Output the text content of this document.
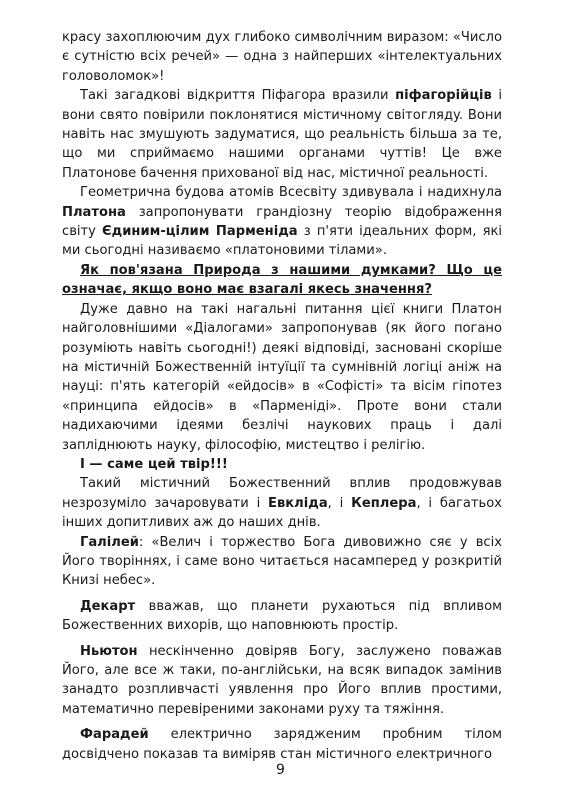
красу захоплюючим дух глибоко символічним виразом: «Число є сутністю всіх речей» — одна з найперших «інтелектуальних головоломок»!

Такі загадкові відкриття Піфагора вразили піфагорійців і вони свято повірили поклонятися містичному світоглядy. Вони навіть нас змушують задуматися, що реальність більша за те, що ми сприймаємо нашими органами чуттів! Це вже Платонове бачення прихованої від нас, містичної реальності.

Геометрична будова атомів Всесвіту здивувала і надихнула Платона запропонувати грандіозну теорію відображення світу Єдиним-цілим Парменіда з п'яти ідеальних форм, які ми сьогодні називаємо «платоновими тілами».

Як пов'язана Природа з нашими думками? Що це означає, якщо воно має взагалі якесь значення?

Дуже давно на такі нагальні питання цієї книги Платон найголовнішими «Діалогами» запропонував (як його погано розуміють навіть сьогодні!) деякі відповіді, засновані скоріше на містичній Божественній інтуїції та сумнівній логіці аніж на науці: п'ять категорій «ейдосів» в «Софісті» та вісім гіпотез «принципа ейдосів» в «Парменіді». Проте вони стали надихаючими ідеями безлічі наукових праць і далі запліднюють науку, філософію, мистецтво і релігію.

І — саме цей твір!!!

Такий містичний Божественний вплив продовжував незрозуміло зачаровувати і Евкліда, і Кеплера, і багатьох інших допитливих аж до наших днів.

Галілей: «Велич і торжество Бога дивовижно сяє у всіх Його творіннях, і саме воно читається насамперед у розкритій Книзі небес».

Декарт вважав, що планети рухаються під впливом Божественних вихорів, що наповнюють простір.

Ньютон нескінченно довіряв Богу, заслужено поважав Його, але все ж таки, по-англійськи, на всяк випадок замінив занадто розпливчасті уявлення про Його вплив простими, математично перевіреними законами руху та тяжіння.

Фарадей електрично зарядженим пробним тілом досвідчено показав та виміряв стан містичного електричного

9
